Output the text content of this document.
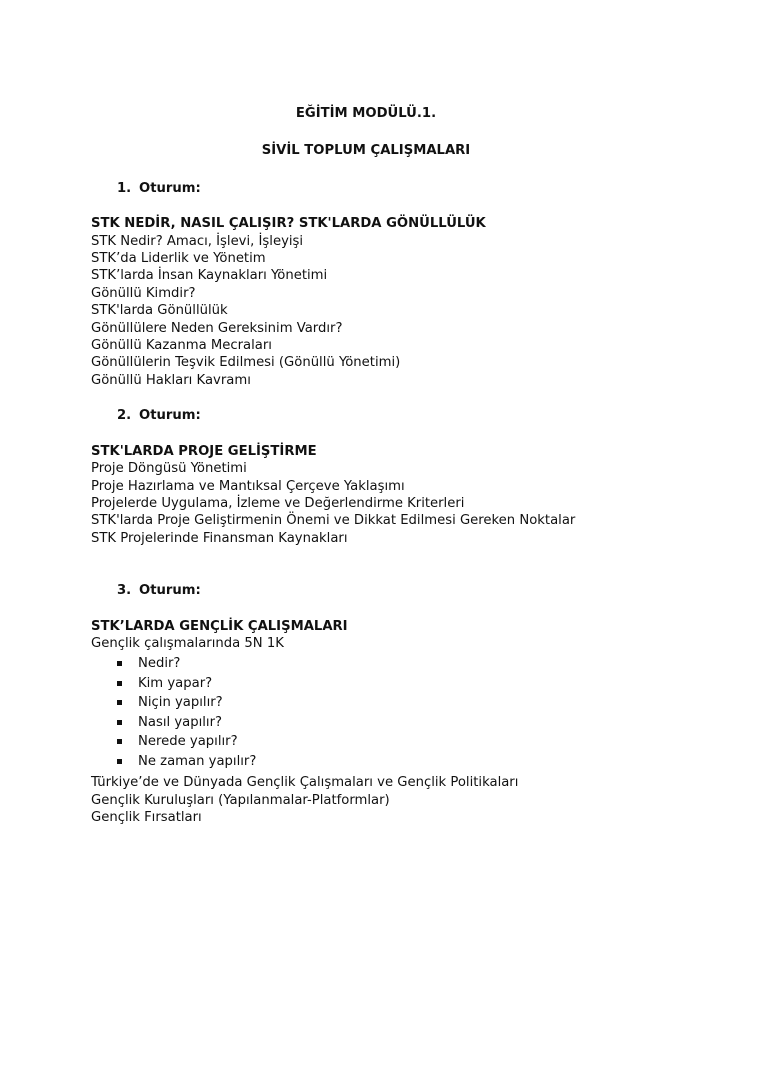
EĞİTİM MODÜLÜ.1.
SİVİL TOPLUM ÇALIŞMALARI
1. Oturum:
STK NEDİR, NASIL ÇALIŞIR? STK'LARDA GÖNÜLLÜLÜK
STK Nedir? Amacı, İşlevi, İşleyişi
STK’da Liderlik ve Yönetim
STK’larda İnsan Kaynakları Yönetimi
Gönüllü Kimdir?
STK'larda Gönüllülük
Gönüllülere Neden Gereksinim Vardır?
Gönüllü Kazanma Mecraları
Gönüllülerin Teşvik Edilmesi (Gönüllü Yönetimi)
Gönüllü Hakları Kavramı
2. Oturum:
STK'LARDA PROJE GELİŞTİRME
Proje Döngüsü Yönetimi
Proje Hazırlama ve Mantıksal Çerçeve Yaklaşımı
Projelerde Uygulama, İzleme ve Değerlendirme Kriterleri
STK'larda Proje Geliştirmenin Önemi ve Dikkat Edilmesi Gereken Noktalar
STK Projelerinde Finansman Kaynakları
3. Oturum:
STK’LARDA GENÇLİK ÇALIŞMALARI
Gençlik çalışmalarında 5N 1K
Nedir?
Kim yapar?
Niçin yapılır?
Nasıl yapılır?
Nerede yapılır?
Ne zaman yapılır?
Türkiye’de ve Dünyada Gençlik Çalışmaları ve Gençlik Politikaları
Gençlik Kuruluşları (Yapılanmalar-Platformlar)
Gençlik Fırsatları
